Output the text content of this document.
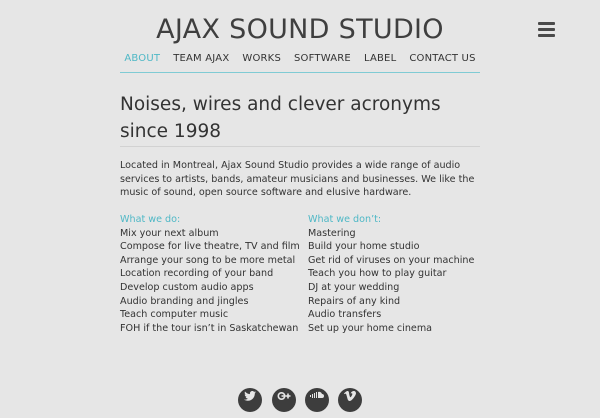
AJAX SOUND STUDIO
ABOUT	TEAM AJAX	WORKS	SOFTWARE	LABEL	CONTACT US
Noises, wires and clever acronyms since 1998

Located in Montreal, Ajax Sound Studio provides a wide range of audio services to artists, bands, amateur musicians and businesses. We like the music of sound, open source software and elusive hardware.

What we do:
Mix your next album
Compose for live theatre, TV and film
Arrange your song to be more metal
Location recording of your band
Develop custom audio apps
Audio branding and jingles
Teach computer music
FOH if the tour isn’t in Saskatchewan
What we don’t:
Mastering
Build your home studio
Get rid of viruses on your machine
Teach you how to play guitar
DJ at your wedding
Repairs of any kind
Audio transfers
Set up your home cinema
